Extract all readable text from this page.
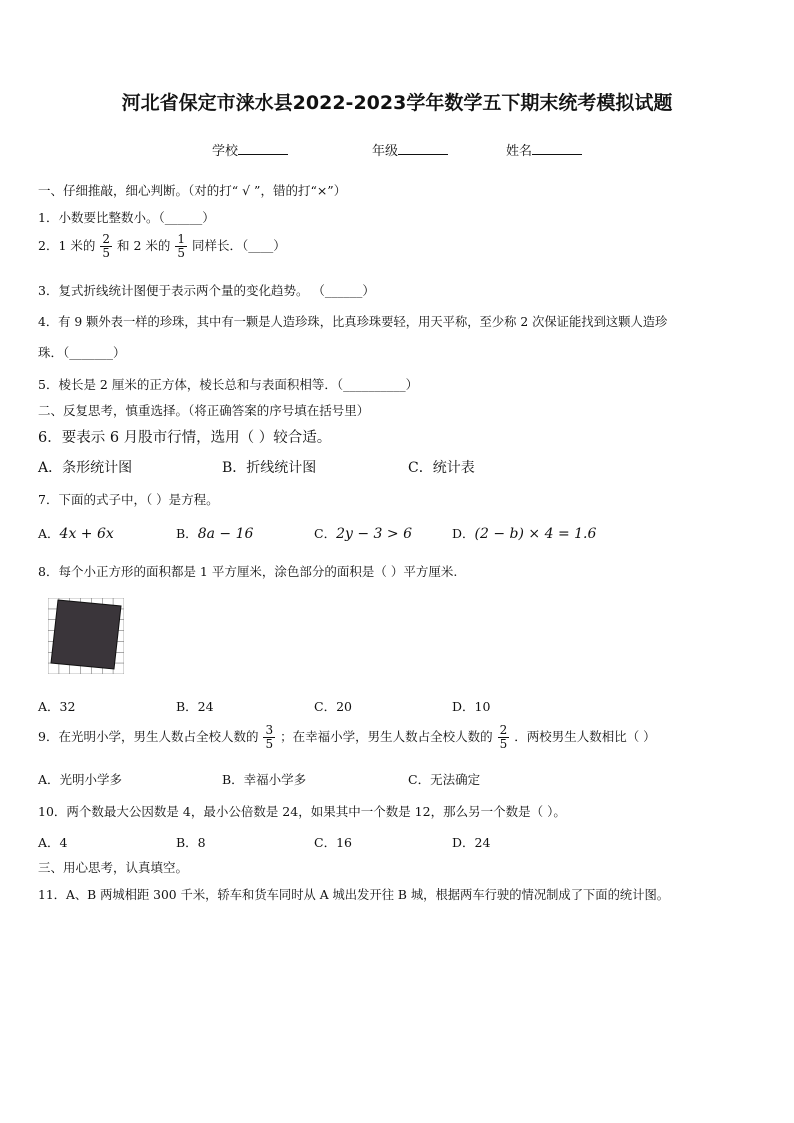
河北省保定市涞水县2022-2023学年数学五下期末统考模拟试题
学校	年级	姓名
一、仔细推敲，细心判断。（对的打“ √ ”，错的打“×”）
1．小数要比整数小。（______）
2．1 米的 $\frac{2}{5}$ 和 2 米的 $\frac{1}{5}$ 同样长．（____）
3．复式折线统计图便于表示两个量的变化趋势。 （______）
4．有 9 颗外表一样的珍珠，其中有一颗是人造珍珠，比真珍珠要轻，用天平称，至少称 2 次保证能找到这颗人造珍
珠．（_______）
5．棱长是 2 厘米的正方体，棱长总和与表面积相等．（__________）
二、反复思考，慎重选择。（将正确答案的序号填在括号里）
6．要表示 6 月股市行情，选用（ ）较合适。
A．条形统计图	B．折线统计图	C．统计表
7．下面的式子中，（ ）是方程。
A．4x + 6x	B．8a − 16	C．2y − 3 > 6	D．(2 − b) × 4 = 1.6
8．每个小正方形的面积都是 1 平方厘米，涂色部分的面积是（ ）平方厘米.
A．32	B．24	C．20	D．10
9．在光明小学，男生人数占全校人数的 $\frac{3}{5}$ ；在幸福小学，男生人数占全校人数的 $\frac{2}{5}$ ．两校男生人数相比（ ）
A．光明小学多	B．幸福小学多	C．无法确定
10．两个数最大公因数是 4，最小公倍数是 24，如果其中一个数是 12，那么另一个数是（ ）。
A．4	B．8	C．16	D．24
三、用心思考，认真填空。
11．A、B 两城相距 300 千米，轿车和货车同时从 A 城出发开往 B 城，根据两车行驶的情况制成了下面的统计图。
